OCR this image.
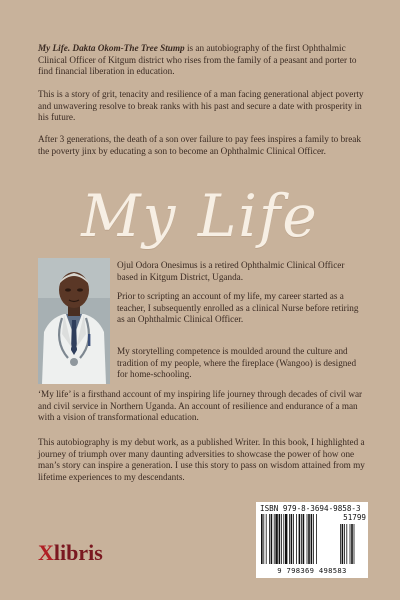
My Life. Dakta Okom-The Tree Stump is an autobiography of the first Ophthalmic Clinical Officer of Kitgum district who rises from the family of a peasant and porter to find financial liberation in education.

This is a story of grit, tenacity and resilience of a man facing generational abject poverty and unwavering resolve to break ranks with his past and secure a date with prosperity in his future.

After 3 generations, the death of a son over failure to pay fees inspires a family to break the poverty jinx by educating a son to become an Ophthalmic Clinical Officer.

My Life

Ojul Odora Onesimus is a retired Ophthalmic Clinical Officer based in Kitgum District, Uganda.

Prior to scripting an account of my life, my career started as a teacher, I subsequently enrolled as a clinical Nurse before retiring as an Ophthalmic Clinical Officer.

My storytelling competence is moulded around the culture and tradition of my people, where the fireplace (Wangoo) is designed for home-schooling.

‘My life’ is a firsthand account of my inspiring life journey through decades of civil war and civil service in Northern Uganda. An account of resilience and endurance of a man with a vision of transformational education.

This autobiography is my debut work, as a published Writer. In this book, I highlighted a journey of triumph over many daunting adversities to showcase the power of how one man’s story can inspire a generation. I use this story to pass on wisdom attained from my lifetime experiences to my descendants.

Xlibris
ISBN 979-8-3694-9858-3
51799
9 798369 498583
